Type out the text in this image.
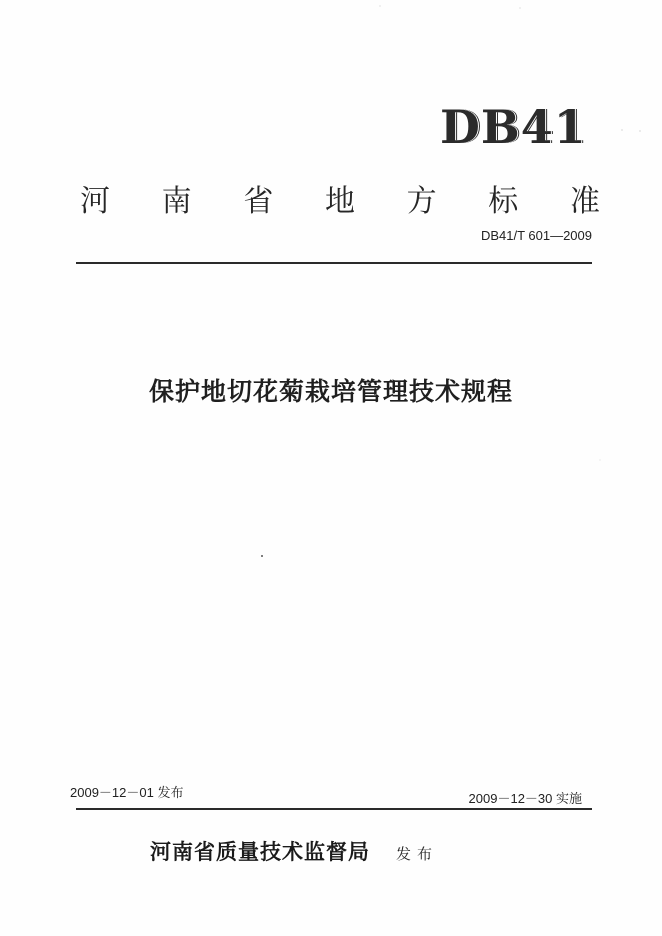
DB41
河 南 省 地 方 标 准
DB41/T 601—2009
保护地切花菊栽培管理技术规程
2009－12－01 发布	2009－12－30 实施
河南省质量技术监督局 发布
